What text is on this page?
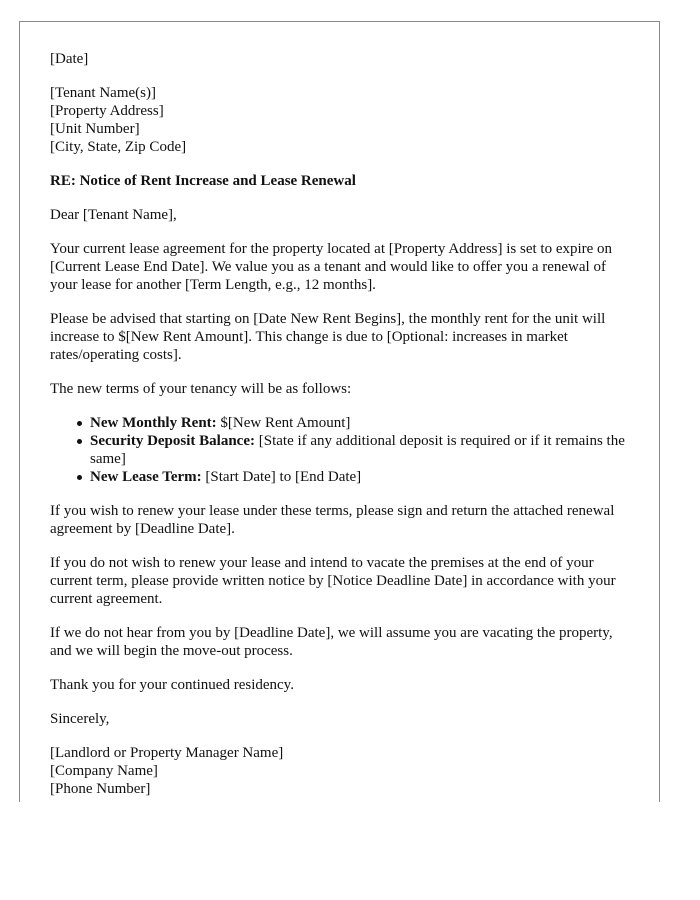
[Date]

[Tenant Name(s)]

[Property Address]

[Unit Number]

[City, State, Zip Code]

RE: Notice of Rent Increase and Lease Renewal

Dear [Tenant Name],

Your current lease agreement for the property located at [Property Address] is set to expire on [Current Lease End Date]. We value you as a tenant and would like to offer you a renewal of your lease for another [Term Length, e.g., 12 months].

Please be advised that starting on [Date New Rent Begins], the monthly rent for the unit will increase to $[New Rent Amount]. This change is due to [Optional: increases in market rates/operating costs].

The new terms of your tenancy will be as follows:

New Monthly Rent: $[New Rent Amount]
Security Deposit Balance: [State if any additional deposit is required or if it remains the same]
New Lease Term: [Start Date] to [End Date]

If you wish to renew your lease under these terms, please sign and return the attached renewal agreement by [Deadline Date].

If you do not wish to renew your lease and intend to vacate the premises at the end of your current term, please provide written notice by [Notice Deadline Date] in accordance with your current agreement.

If we do not hear from you by [Deadline Date], we will assume you are vacating the property, and we will begin the move-out process.

Thank you for your continued residency.

Sincerely,

[Landlord or Property Manager Name]

[Company Name]

[Phone Number]
